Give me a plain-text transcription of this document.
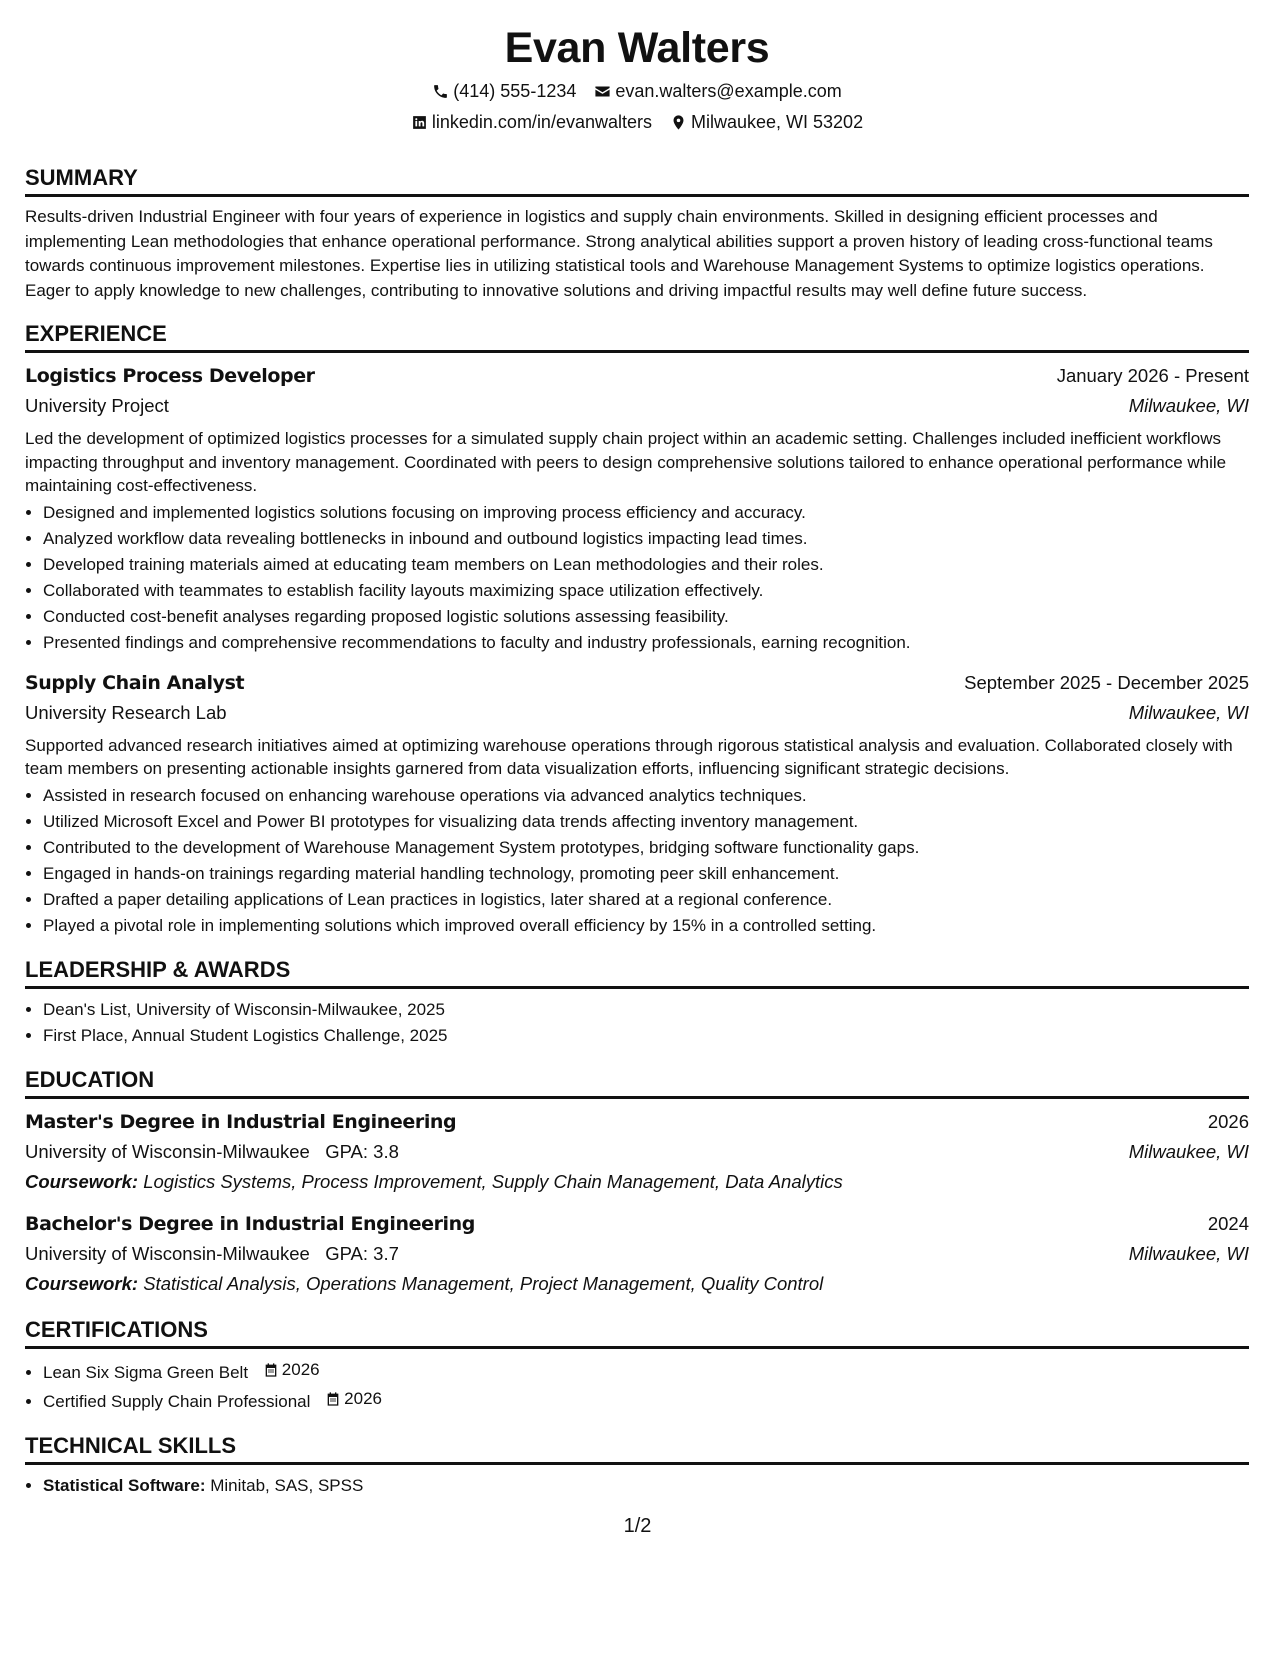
Evan Walters
(414) 555-1234 evan.walters@example.com
linkedin.com/in/evanwalters Milwaukee, WI 53202
SUMMARY

Results-driven Industrial Engineer with four years of experience in logistics and supply chain environments. Skilled in designing efficient processes and implementing Lean methodologies that enhance operational performance. Strong analytical abilities support a proven history of leading cross-functional teams towards continuous improvement milestones. Expertise lies in utilizing statistical tools and Warehouse Management Systems to optimize logistics operations. Eager to apply knowledge to new challenges, contributing to innovative solutions and driving impactful results may well define future success.

EXPERIENCE
Logistics Process Developer	January 2026 - Present
University Project	Milwaukee, WI

Led the development of optimized logistics processes for a simulated supply chain project within an academic setting. Challenges included inefficient workflows impacting throughput and inventory management. Coordinated with peers to design comprehensive solutions tailored to enhance operational performance while maintaining cost-effectiveness.

• Designed and implemented logistics solutions focusing on improving process efficiency and accuracy.
• Analyzed workflow data revealing bottlenecks in inbound and outbound logistics impacting lead times.
• Developed training materials aimed at educating team members on Lean methodologies and their roles.
• Collaborated with teammates to establish facility layouts maximizing space utilization effectively.
• Conducted cost-benefit analyses regarding proposed logistic solutions assessing feasibility.
• Presented findings and comprehensive recommendations to faculty and industry professionals, earning recognition.
Supply Chain Analyst	September 2025 - December 2025
University Research Lab	Milwaukee, WI

Supported advanced research initiatives aimed at optimizing warehouse operations through rigorous statistical analysis and evaluation. Collaborated closely with team members on presenting actionable insights garnered from data visualization efforts, influencing significant strategic decisions.

• Assisted in research focused on enhancing warehouse operations via advanced analytics techniques.
• Utilized Microsoft Excel and Power BI prototypes for visualizing data trends affecting inventory management.
• Contributed to the development of Warehouse Management System prototypes, bridging software functionality gaps.
• Engaged in hands-on trainings regarding material handling technology, promoting peer skill enhancement.
• Drafted a paper detailing applications of Lean practices in logistics, later shared at a regional conference.
• Played a pivotal role in implementing solutions which improved overall efficiency by 15% in a controlled setting.
LEADERSHIP & AWARDS
• Dean's List, University of Wisconsin-Milwaukee, 2025
• First Place, Annual Student Logistics Challenge, 2025
EDUCATION
Master's Degree in Industrial Engineering	2026
University of Wisconsin-Milwaukee GPA: 3.8	Milwaukee, WI
Coursework: Logistics Systems, Process Improvement, Supply Chain Management, Data Analytics
Bachelor's Degree in Industrial Engineering	2024
University of Wisconsin-Milwaukee GPA: 3.7	Milwaukee, WI
Coursework: Statistical Analysis, Operations Management, Project Management, Quality Control
CERTIFICATIONS
• Lean Six Sigma Green Belt 2026
• Certified Supply Chain Professional 2026
TECHNICAL SKILLS
• Statistical Software: Minitab, SAS, SPSS
1/2
